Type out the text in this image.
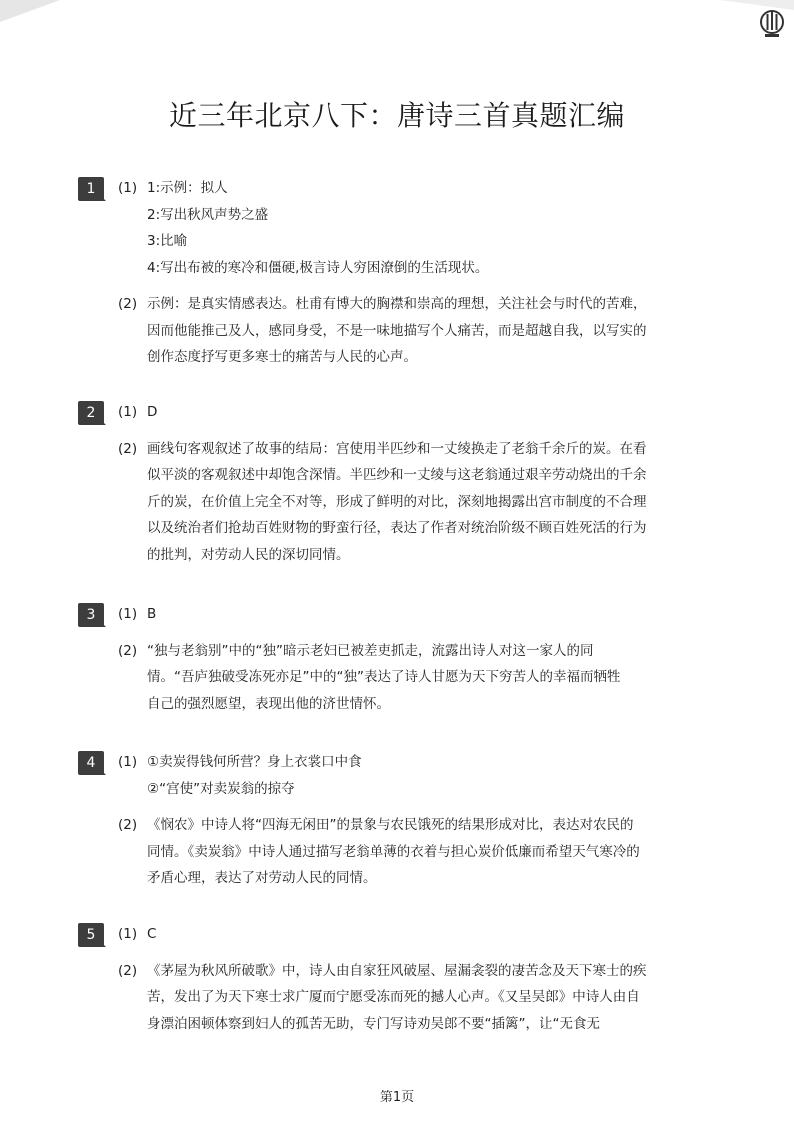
近三年北京八下：唐诗三首真题汇编
1	(1) 1:示例：拟人
2:写出秋风声势之盛
3:比喻
4:写出布被的寒冷和僵硬,极言诗人穷困潦倒的生活现状。
(2) 示例：是真实情感表达。杜甫有博大的胸襟和崇高的理想，关注社会与时代的苦难，
因而他能推己及人，感同身受，不是一味地描写个人痛苦，而是超越自我，以写实的
创作态度抒写更多寒士的痛苦与人民的心声。
2	(1) D
(2) 画线句客观叙述了故事的结局：宫使用半匹纱和一丈绫换走了老翁千余斤的炭。在看
似平淡的客观叙述中却饱含深情。半匹纱和一丈绫与这老翁通过艰辛劳动烧出的千余
斤的炭，在价值上完全不对等，形成了鲜明的对比，深刻地揭露出宫市制度的不合理
以及统治者们抢劫百姓财物的野蛮行径，表达了作者对统治阶级不顾百姓死活的行为
的批判，对劳动人民的深切同情。
3	(1) B
(2) “独与老翁别”中的“独”暗示老妇已被差吏抓走，流露出诗人对这一家人的同
情。“吾庐独破受冻死亦足”中的“独”表达了诗人甘愿为天下穷苦人的幸福而牺牲
自己的强烈愿望，表现出他的济世情怀。
4	(1) ①卖炭得钱何所营？身上衣裳口中食
②“宫使”对卖炭翁的掠夺
(2) 《悯农》中诗人将“四海无闲田”的景象与农民饿死的结果形成对比，表达对农民的
同情。《卖炭翁》中诗人通过描写老翁单薄的衣着与担心炭价低廉而希望天气寒冷的
矛盾心理，表达了对劳动人民的同情。
5	(1) C
(2) 《茅屋为秋风所破歌》中，诗人由自家狂风破屋、屋漏衾裂的凄苦念及天下寒士的疾
苦，发出了为天下寒士求广厦而宁愿受冻而死的撼人心声。《又呈吴郎》中诗人由自
身漂泊困顿体察到妇人的孤苦无助，专门写诗劝吴郎不要“插篱”，让“无食无
第1页
